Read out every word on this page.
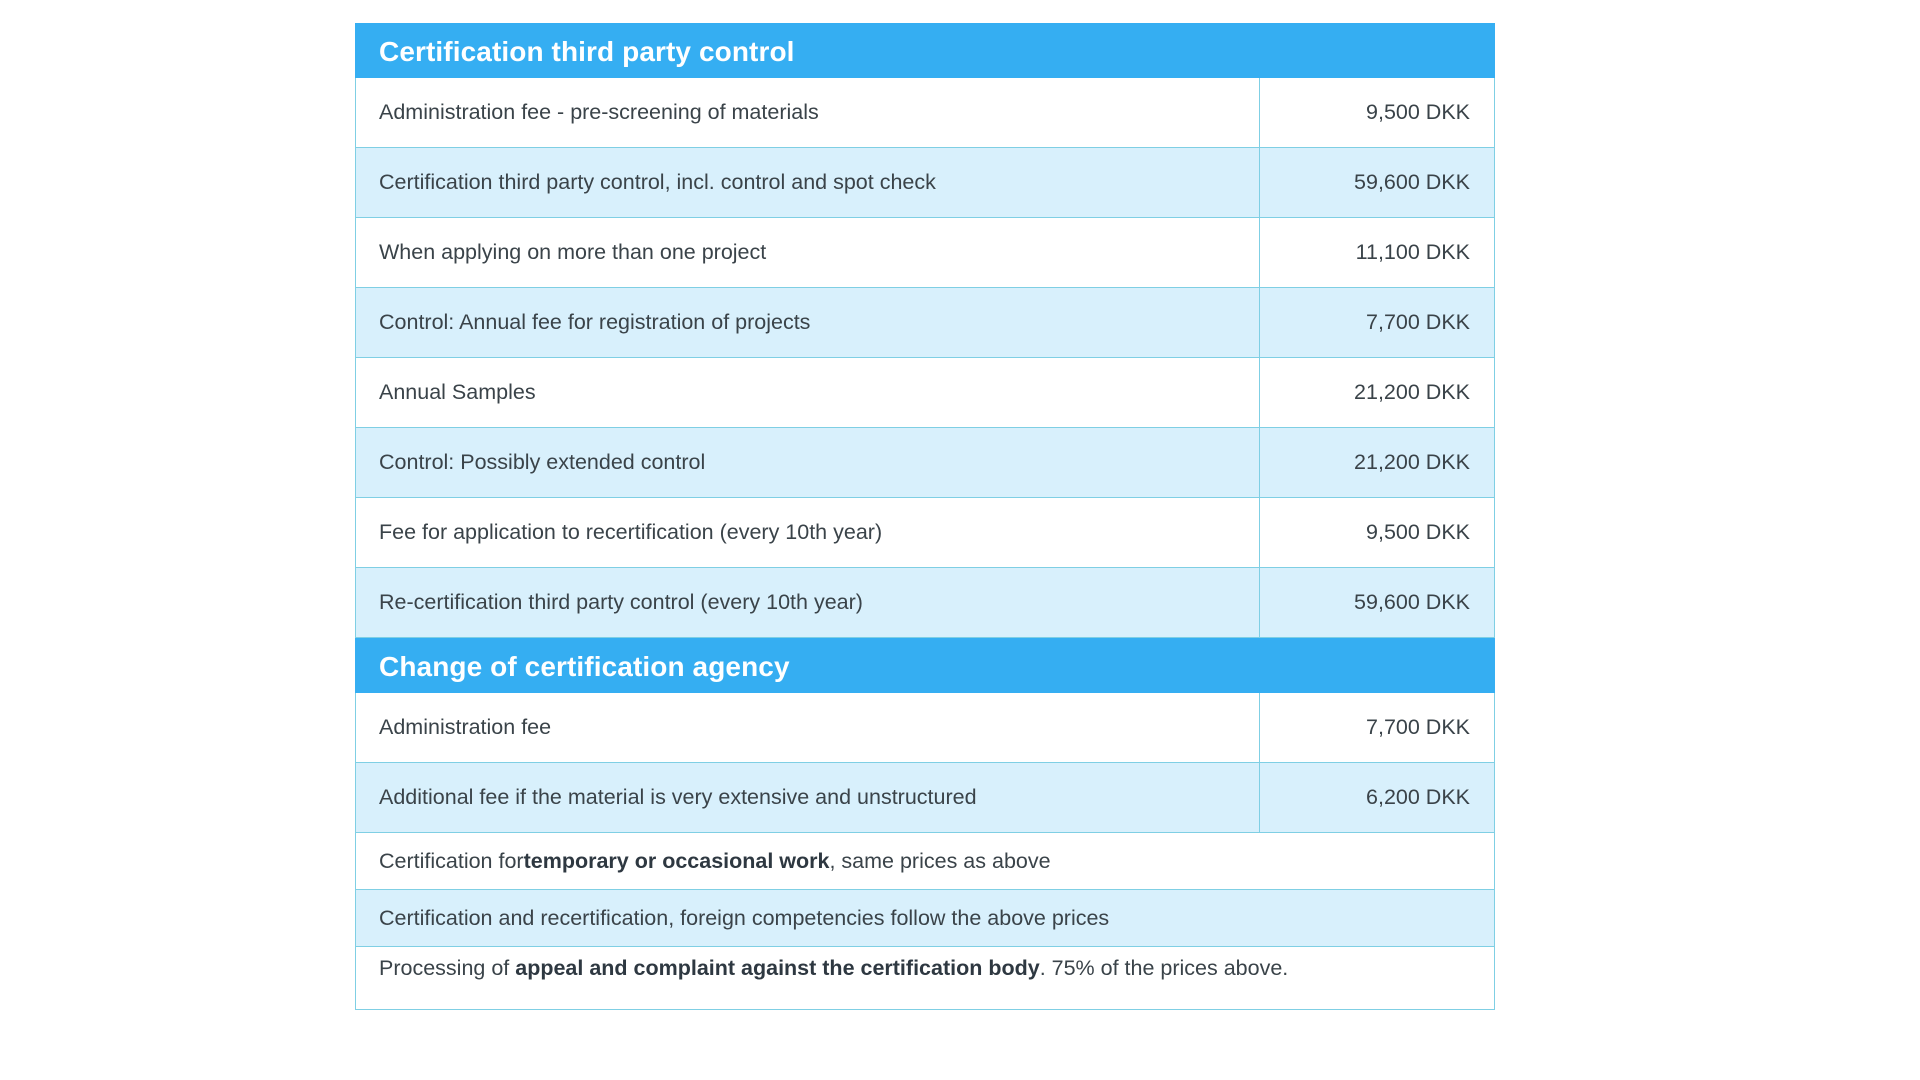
Certification third party control
Administration fee - pre-screening of materials	9,500 DKK
Certification third party control, incl. control and spot check	59,600 DKK
When applying on more than one project	11,100 DKK
Control: Annual fee for registration of projects	7,700 DKK
Annual Samples	21,200 DKK
Control: Possibly extended control	21,200 DKK
Fee for application to recertification (every 10th year)	9,500 DKK
Re-certification third party control (every 10th year)	59,600 DKK
Change of certification agency
Administration fee	7,700 DKK
Additional fee if the material is very extensive and unstructured	6,200 DKK
Certification for temporary or occasional work , same prices as above
Certification and recertification, foreign competencies follow the above prices
Processing of appeal and complaint against the certification body. 75% of the prices above.
